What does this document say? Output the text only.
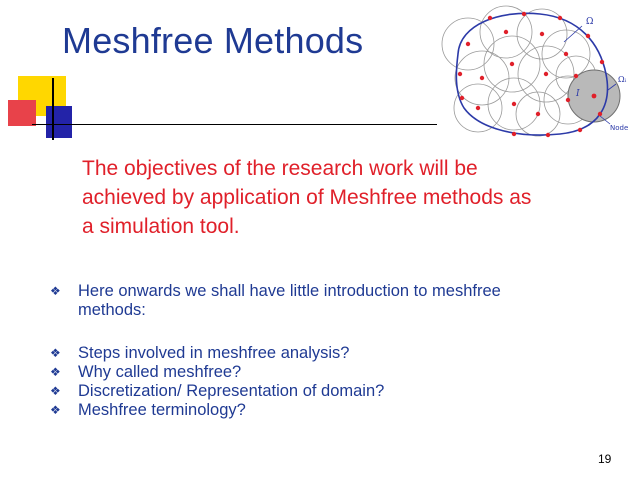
Meshfree Methods	Ω
Ωᵢ
I
Node
The objectives of the research work will be achieved by application of Meshfree methods as a simulation tool.
❖ Here onwards we shall have little introduction to meshfree methods:
❖ Steps involved in meshfree analysis?
❖ Why called meshfree?
❖ Discretization/ Representation of domain?
❖ Meshfree terminology?
19
